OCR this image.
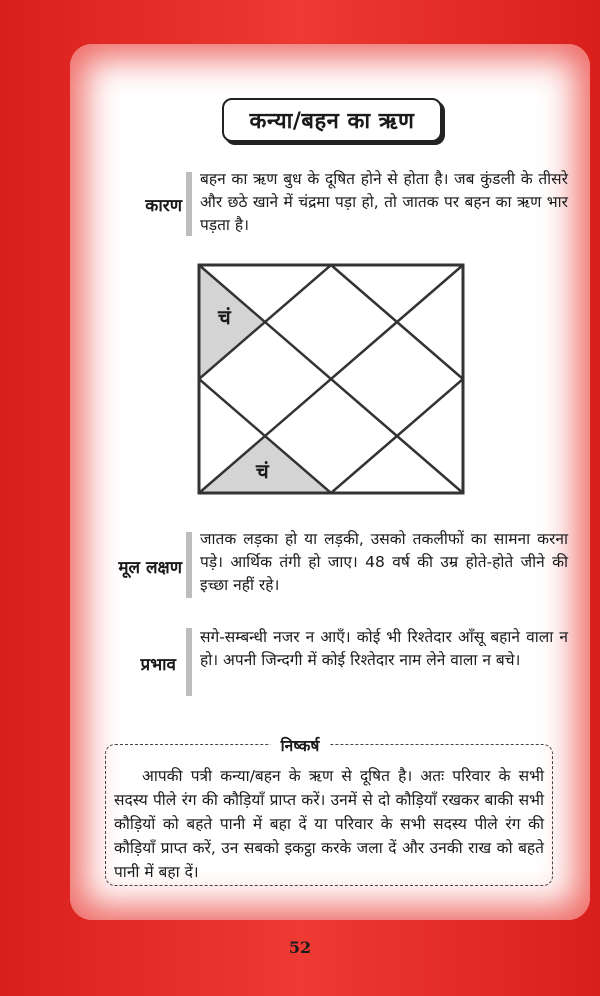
कन्या/बहन का ऋण
कारण
बहन का ऋण बुध के दूषित होने से होता है। जब कुंडली के तीसरे और छठे खाने में चंद्रमा पड़ा हो, तो जातक पर बहन का ऋण भार पड़ता है।
चं
चं
मूल लक्षण
जातक लड़का हो या लड़की, उसको तकलीफों का सामना करना पड़े। आर्थिक तंगी हो जाए। 48 वर्ष की उम्र होते-होते जीने की इच्छा नहीं रहे।
प्रभाव
सगे-सम्बन्धी नजर न आएँ। कोई भी रिश्तेदार आँसू बहाने वाला न हो। अपनी जिन्दगी में कोई रिश्तेदार नाम लेने वाला न बचे।
निष्कर्ष
आपकी पत्री कन्या/बहन के ऋण से दूषित है। अतः परिवार के सभी सदस्य पीले रंग की कौड़ियाँ प्राप्त करें। उनमें से दो कौड़ियाँ रखकर बाकी सभी कौड़ियों को बहते पानी में बहा दें या परिवार के सभी सदस्य पीले रंग की कौड़ियाँ प्राप्त करें, उन सबको इकट्ठा करके जला दें और उनकी राख को बहते पानी में बहा दें।
52
